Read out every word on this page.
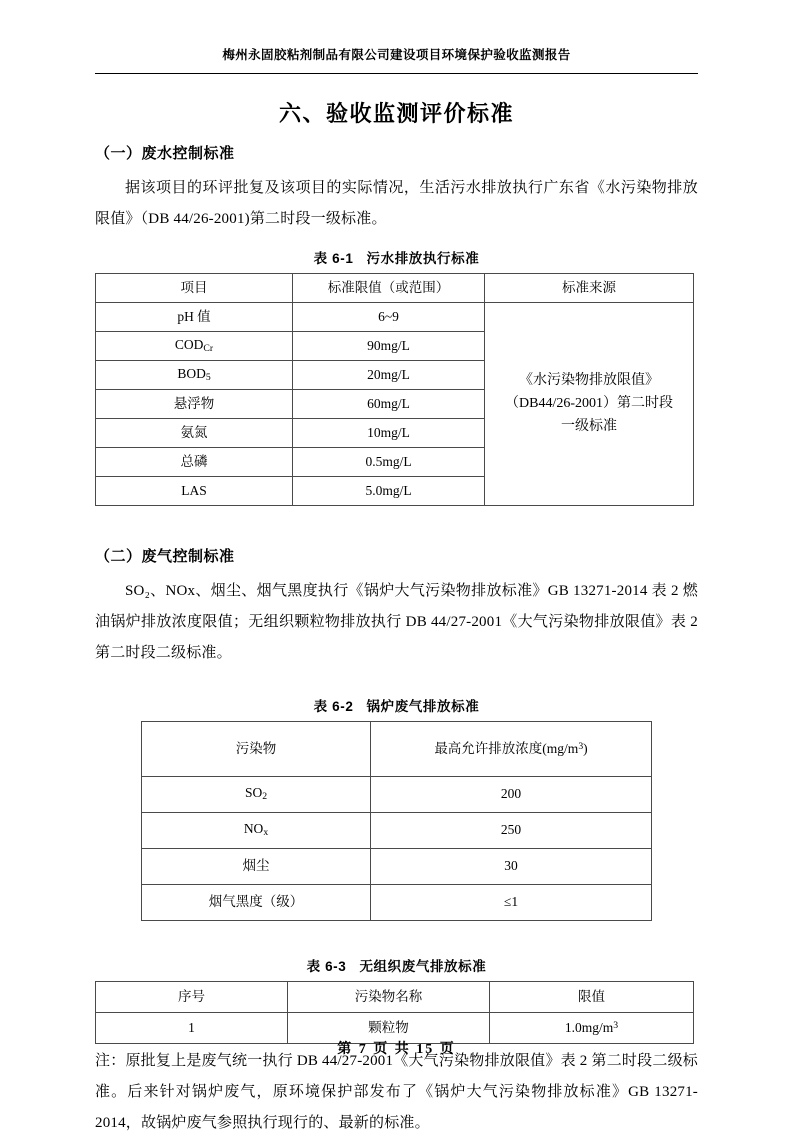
梅州永固胶粘剂制品有限公司建设项目环境保护验收监测报告
六、验收监测评价标准
（一）废水控制标准

据该项目的环评批复及该项目的实际情况，生活污水排放执行广东省《水污染物排放限值》（DB 44/26-2001)第二时段一级标准。

表 6-1 污水排放执行标准
项目	标准限值（或范围）	标准来源
pH 值	6~9	《水污染物排放限值》
（DB44/26-2001）第二时段
一级标准
$COD_{Cr}$	90mg/L	
$BOD_5$	20mg/L	
悬浮物	60mg/L	
氨氮	10mg/L	
总磷	0.5mg/L	
LAS	5.0mg/L	
（二）废气控制标准

SO₂、NOx、烟尘、烟气黑度执行《锅炉大气污染物排放标准》GB 13271-2014 表 2 燃油锅炉排放浓度限值；无组织颗粒物排放执行 DB 44/27-2001《大气污染物排放限值》表 2 第二时段二级标准。

表 6-2 锅炉废气排放标准
污染物	最高允许排放浓度$(mg/m^3)$
$SO_2$	200
$NO_x$	250
烟尘	30
烟气黑度（级）	≤1
表 6-3 无组织废气排放标准
序号	污染物名称	限值
1	颗粒物	$1.0mg/m^3$

注：原批复上是废气统一执行 DB 44/27-2001《大气污染物排放限值》表 2 第二时段二级标准。后来针对锅炉废气，原环境保护部发布了《锅炉大气污染物排放标准》GB 13271-2014，故锅炉废气参照执行现行的、最新的标准。

第 7 页 共 15 页
